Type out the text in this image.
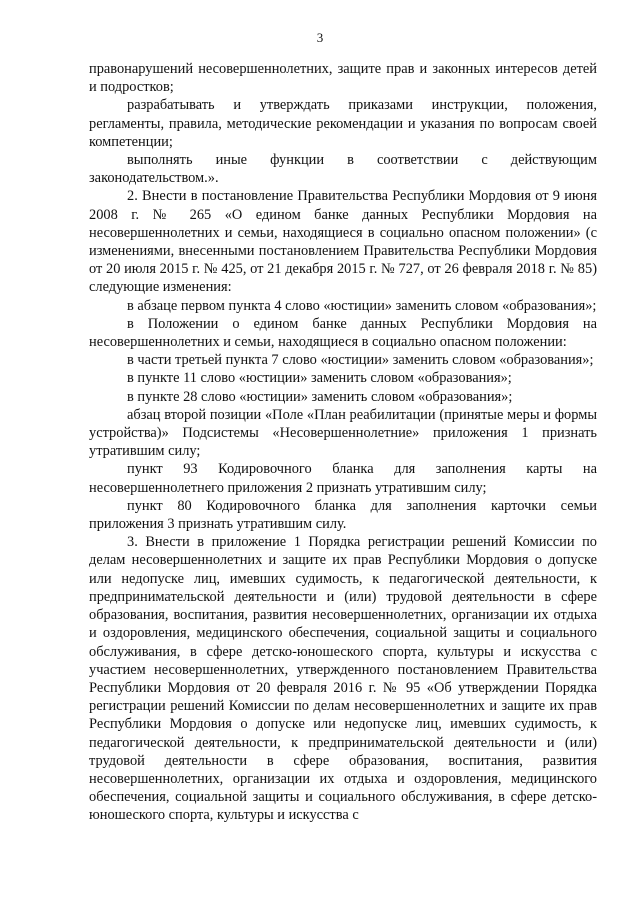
3

правонарушений несовершеннолетних, защите прав и законных интересов детей и подростков;

разрабатывать и утверждать приказами инструкции, положения, регламенты, правила, методические рекомендации и указания по вопросам своей компетенции;

выполнять иные функции в соответствии с действующим законодательством.».

2. Внести в постановление Правительства Республики Мордовия от 9 июня 2008 г. № 265 «О едином банке данных Республики Мордовия на несовершеннолетних и семьи, находящиеся в социально опасном положении» (с изменениями, внесенными постановлением Правительства Республики Мордовия от 20 июля 2015 г. № 425, от 21 декабря 2015 г. № 727, от 26 февраля 2018 г. № 85) следующие изменения:

в абзаце первом пункта 4 слово «юстиции» заменить словом «образования»;

в Положении о едином банке данных Республики Мордовия на несовершеннолетних и семьи, находящиеся в социально опасном положении:

в части третьей пункта 7 слово «юстиции» заменить словом «образования»;

в пункте 11 слово «юстиции» заменить словом «образования»;

в пункте 28 слово «юстиции» заменить словом «образования»;

абзац второй позиции «Поле «План реабилитации (принятые меры и формы устройства)» Подсистемы «Несовершеннолетние» приложения 1 признать утратившим силу;

пункт 93 Кодировочного бланка для заполнения карты на несовершеннолетнего приложения 2 признать утратившим силу;

пункт 80 Кодировочного бланка для заполнения карточки семьи приложения 3 признать утратившим силу.

3. Внести в приложение 1 Порядка регистрации решений Комиссии по делам несовершеннолетних и защите их прав Республики Мордовия о допуске или недопуске лиц, имевших судимость, к педагогической деятельности, к предпринимательской деятельности и (или) трудовой деятельности в сфере образования, воспитания, развития несовершеннолетних, организации их отдыха и оздоровления, медицинского обеспечения, социальной защиты и социального обслуживания, в сфере детско-юношеского спорта, культуры и искусства с участием несовершеннолетних, утвержденного постановлением Правительства Республики Мордовия от 20 февраля 2016 г. № 95 «Об утверждении Порядка регистрации решений Комиссии по делам несовершеннолетних и защите их прав Республики Мордовия о допуске или недопуске лиц, имевших судимость, к педагогической деятельности, к предпринимательской деятельности и (или) трудовой деятельности в сфере образования, воспитания, развития несовершеннолетних, организации их отдыха и оздоровления, медицинского обеспечения, социальной защиты и социального обслуживания, в сфере детско-юношеского спорта, культуры и искусства с
